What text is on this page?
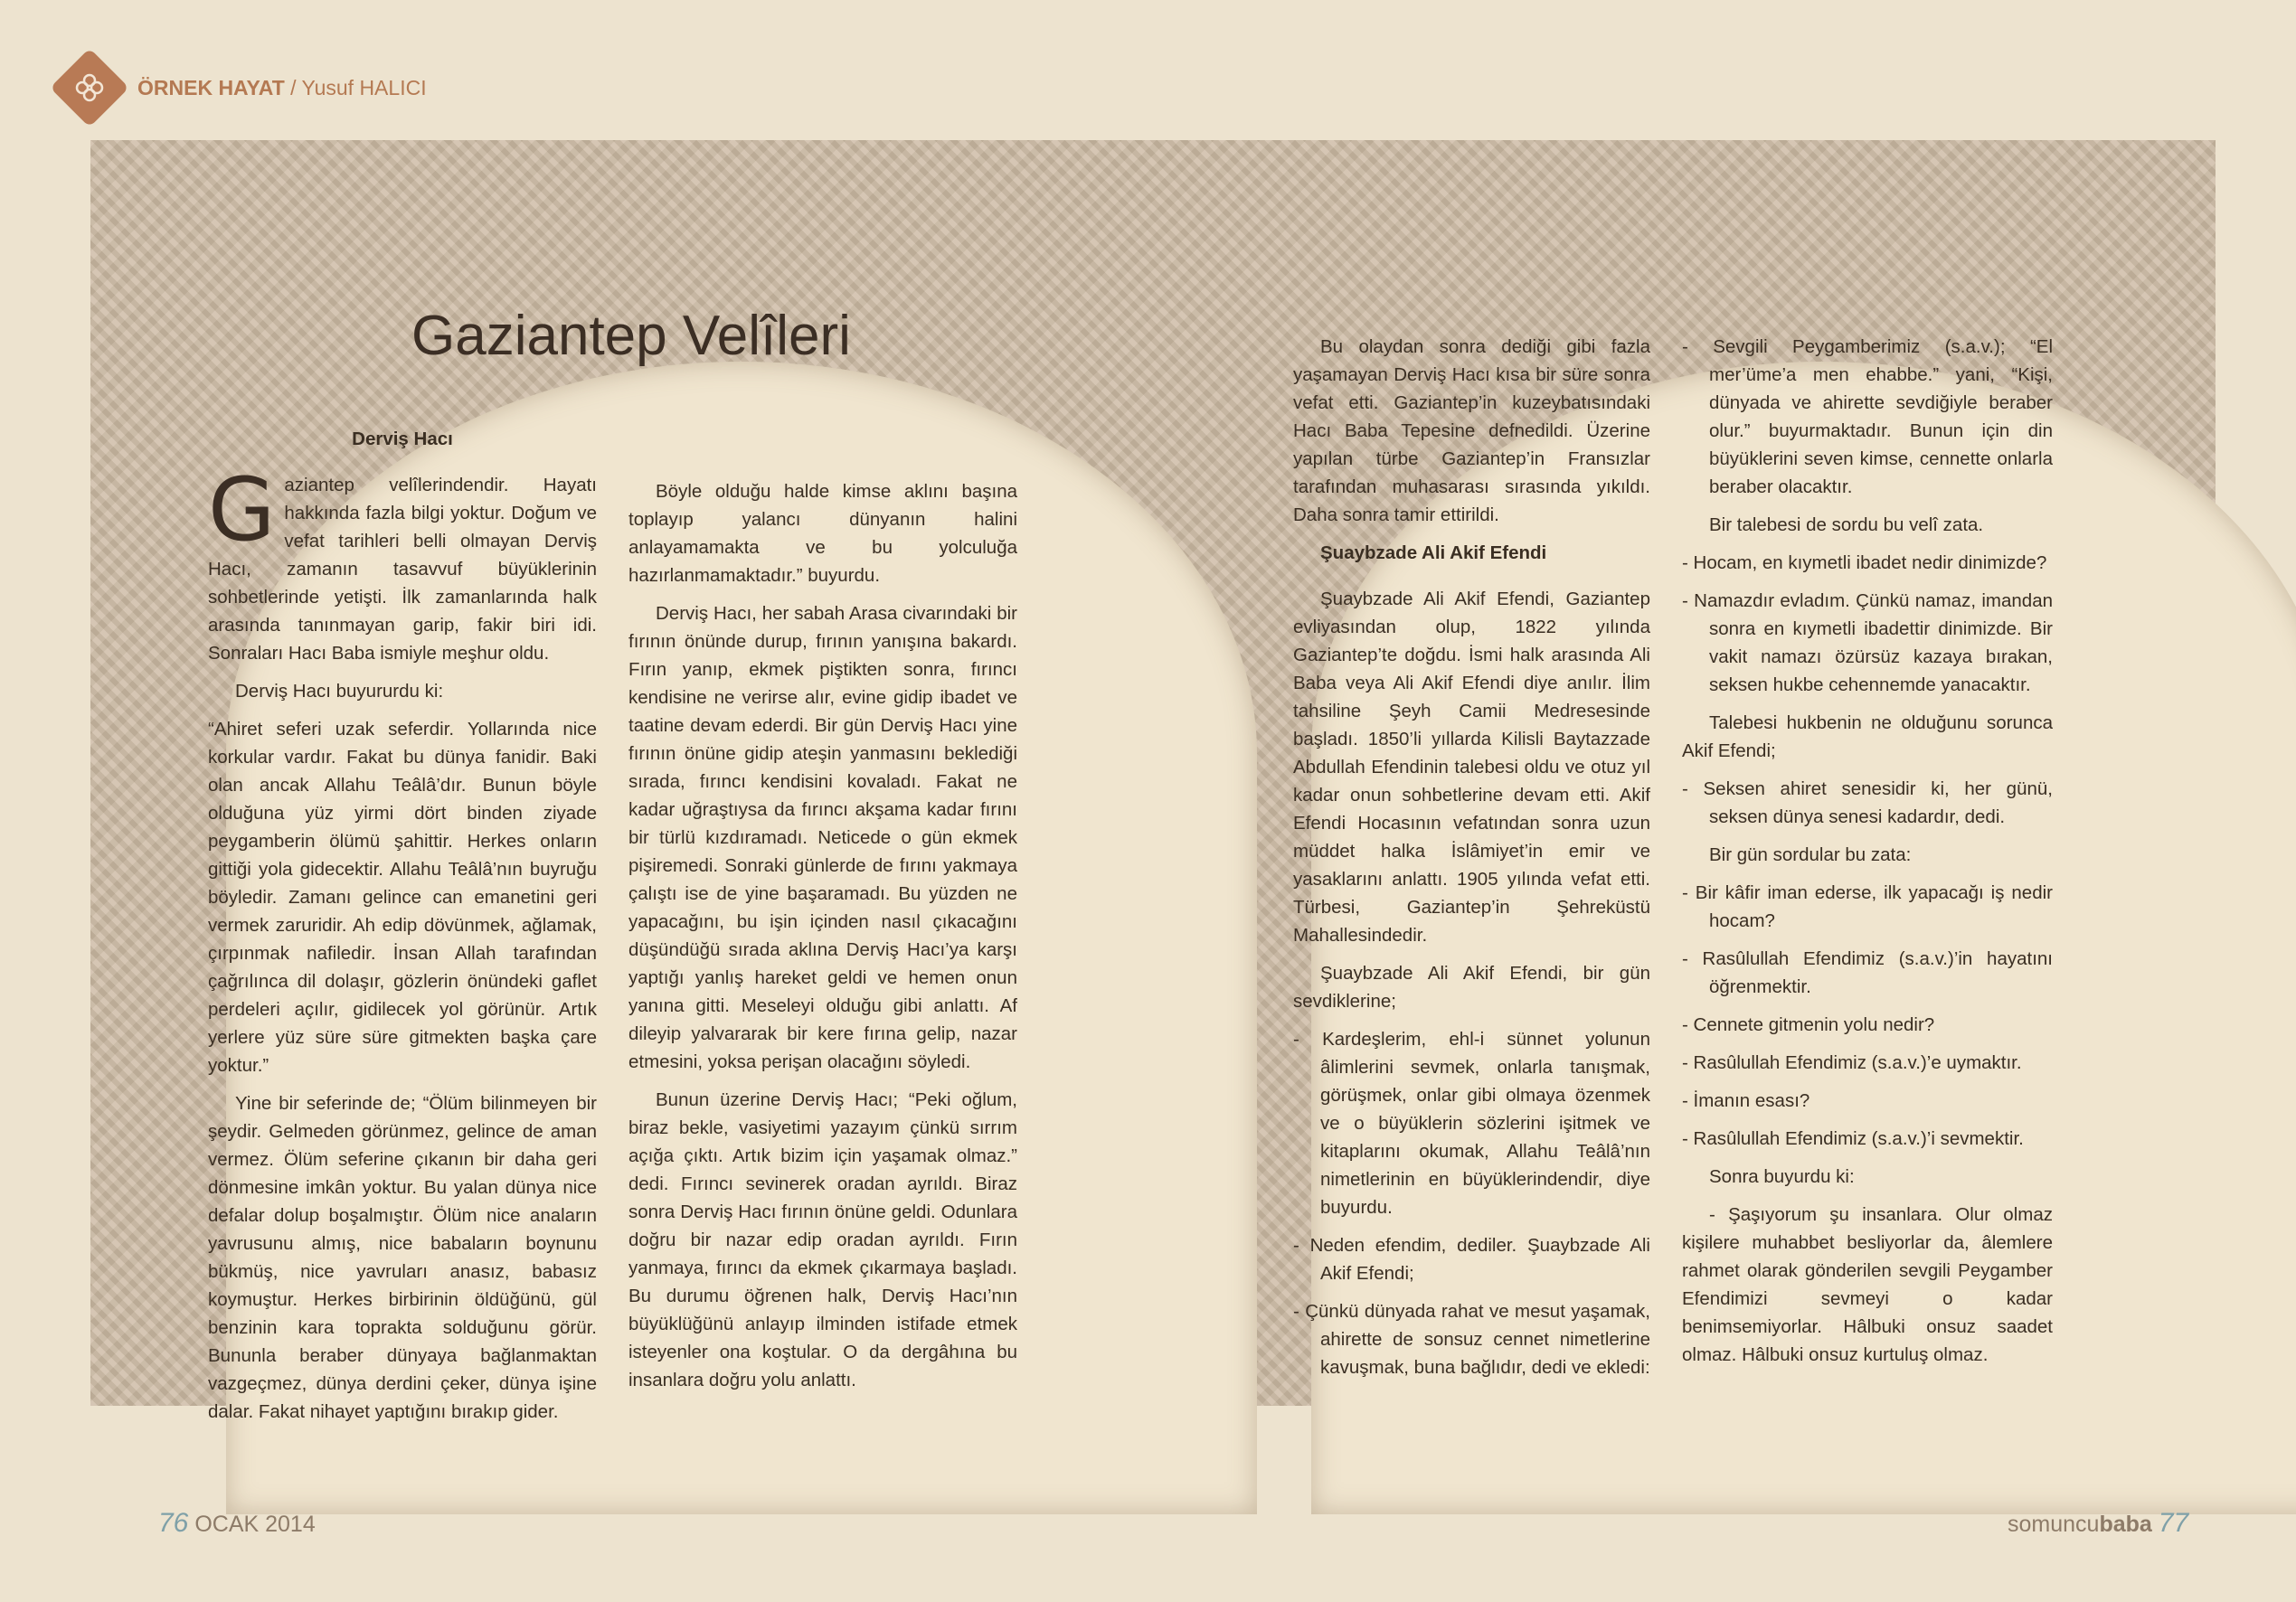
ÖRNEK HAYAT / Yusuf HALICI
Gaziantep Velîleri

Derviş Hacı

Gaziantep velîlerindendir. Hayatı hakkında fazla bilgi yoktur. Doğum ve vefat tarihleri belli olmayan Derviş Hacı, zamanın tasavvuf büyüklerinin sohbetlerinde yetişti. İlk zamanlarında halk arasında tanınmayan garip, fakir biri idi. Sonraları Hacı Baba ismiyle meşhur oldu.

Derviş Hacı buyururdu ki:

“Ahiret seferi uzak seferdir. Yollarında nice korkular vardır. Fakat bu dünya fanidir. Baki olan ancak Allahu Teâlâ’dır. Bunun böyle olduğuna yüz yirmi dört binden ziyade peygamberin ölümü şahittir. Herkes onların gittiği yola gidecektir. Allahu Teâlâ’nın buyruğu böyledir. Zamanı gelince can emanetini geri vermek zaruridir. Ah edip dövünmek, ağlamak, çırpınmak nafiledir. İnsan Allah tarafından çağrılınca dil dolaşır, gözlerin önündeki gaflet perdeleri açılır, gidilecek yol görünür. Artık yerlere yüz süre süre gitmekten başka çare yoktur.”

Yine bir seferinde de; “Ölüm bilinmeyen bir şeydir. Gelmeden görünmez, gelince de aman vermez. Ölüm seferine çıkanın bir daha geri dönmesine imkân yoktur. Bu yalan dünya nice defalar dolup boşalmıştır. Ölüm nice anaların yavrusunu almış, nice babaların boynunu bükmüş, nice yavruları anasız, babasız koymuştur. Herkes birbirinin öldüğünü, gül benzinin kara toprakta solduğunu görür. Bununla beraber dünyaya bağlanmaktan vazgeçmez, dünya derdini çeker, dünya işine dalar. Fakat nihayet yaptığını bırakıp gider.

Böyle olduğu halde kimse aklını başına toplayıp yalancı dünyanın halini anlayamamakta ve bu yolculuğa hazırlanmamaktadır.” buyurdu.

Derviş Hacı, her sabah Arasa civarındaki bir fırının önünde durup, fırının yanışına bakardı. Fırın yanıp, ekmek piştikten sonra, fırıncı kendisine ne verirse alır, evine gidip ibadet ve taatine devam ederdi. Bir gün Derviş Hacı yine fırının önüne gidip ateşin yanmasını beklediği sırada, fırıncı kendisini kovaladı. Fakat ne kadar uğraştıysa da fırıncı akşama kadar fırını bir türlü kızdıramadı. Neticede o gün ekmek pişiremedi. Sonraki günlerde de fırını yakmaya çalıştı ise de yine başaramadı. Bu yüzden ne yapacağını, bu işin içinden nasıl çıkacağını düşündüğü sırada aklına Derviş Hacı’ya karşı yaptığı yanlış hareket geldi ve hemen onun yanına gitti. Meseleyi olduğu gibi anlattı. Af dileyip yalvararak bir kere fırına gelip, nazar etmesini, yoksa perişan olacağını söyledi.

Bunun üzerine Derviş Hacı; “Peki oğlum, biraz bekle, vasiyetimi yazayım çünkü sırrım açığa çıktı. Artık bizim için yaşamak olmaz.” dedi. Fırıncı sevinerek oradan ayrıldı. Biraz sonra Derviş Hacı fırının önüne geldi. Odunlara doğru bir nazar edip oradan ayrıldı. Fırın yanmaya, fırıncı da ekmek çıkarmaya başladı. Bu durumu öğrenen halk, Derviş Hacı’nın büyüklüğünü anlayıp ilminden istifade etmek isteyenler ona koştular. O da dergâhına bu insanlara doğru yolu anlattı.

Bu olaydan sonra dediği gibi fazla yaşamayan Derviş Hacı kısa bir süre sonra vefat etti. Gaziantep’in kuzeybatısındaki Hacı Baba Tepesine defnedildi. Üzerine yapılan türbe Gaziantep’in Fransızlar tarafından muhasarası sırasında yıkıldı. Daha sonra tamir ettirildi.

Şuaybzade Ali Akif Efendi

Şuaybzade Ali Akif Efendi, Gaziantep evliyasından olup, 1822 yılında Gaziantep’te doğdu. İsmi halk arasında Ali Baba veya Ali Akif Efendi diye anılır. İlim tahsiline Şeyh Camii Medresesinde başladı. 1850’li yıllarda Kilisli Baytazzade Abdullah Efendinin talebesi oldu ve otuz yıl kadar onun sohbetlerine devam etti. Akif Efendi Hocasının vefatından sonra uzun müddet halka İslâmiyet’in emir ve yasaklarını anlattı. 1905 yılında vefat etti. Türbesi, Gaziantep’in Şehreküstü Mahallesindedir.

Şuaybzade Ali Akif Efendi, bir gün sevdiklerine;

- Kardeşlerim, ehl-i sünnet yolunun âlimlerini sevmek, onlarla tanışmak, görüşmek, onlar gibi olmaya özenmek ve o büyüklerin sözlerini işitmek ve kitaplarını okumak, Allahu Teâlâ’nın nimetlerinin en büyüklerindendir, diye buyurdu.

- Neden efendim, dediler. Şuaybzade Ali Akif Efendi;

- Çünkü dünyada rahat ve mesut yaşamak, ahirette de sonsuz cennet nimetlerine kavuşmak, buna bağlıdır, dedi ve ekledi:

- Sevgili Peygamberimiz (s.a.v.); “El mer’üme’a men ehabbe.” yani, “Kişi, dünyada ve ahirette sevdiğiyle beraber olur.” buyurmaktadır. Bunun için din büyüklerini seven kimse, cennette onlarla beraber olacaktır.

Bir talebesi de sordu bu velî zata.

- Hocam, en kıymetli ibadet nedir dinimizde?

- Namazdır evladım. Çünkü namaz, imandan sonra en kıymetli ibadettir dinimizde. Bir vakit namazı özürsüz kazaya bırakan, seksen hukbe cehennemde yanacaktır.

Talebesi hukbenin ne olduğunu sorunca Akif Efendi;

- Seksen ahiret senesidir ki, her günü, seksen dünya senesi kadardır, dedi.

Bir gün sordular bu zata:

- Bir kâfir iman ederse, ilk yapacağı iş nedir hocam?

- Rasûlullah Efendimiz (s.a.v.)’in hayatını öğrenmektir.

- Cennete gitmenin yolu nedir?

- Rasûlullah Efendimiz (s.a.v.)’e uymaktır.

- İmanın esası?

- Rasûlullah Efendimiz (s.a.v.)’i sevmektir.

Sonra buyurdu ki:

- Şaşıyorum şu insanlara. Olur olmaz kişilere muhabbet besliyorlar da, âlemlere rahmet olarak gönderilen sevgili Peygamber Efendimizi sevmeyi o kadar benimsemiyorlar. Hâlbuki onsuz saadet olmaz. Hâlbuki onsuz kurtuluş olmaz.

76 OCAK 2014	somuncubaba 77
